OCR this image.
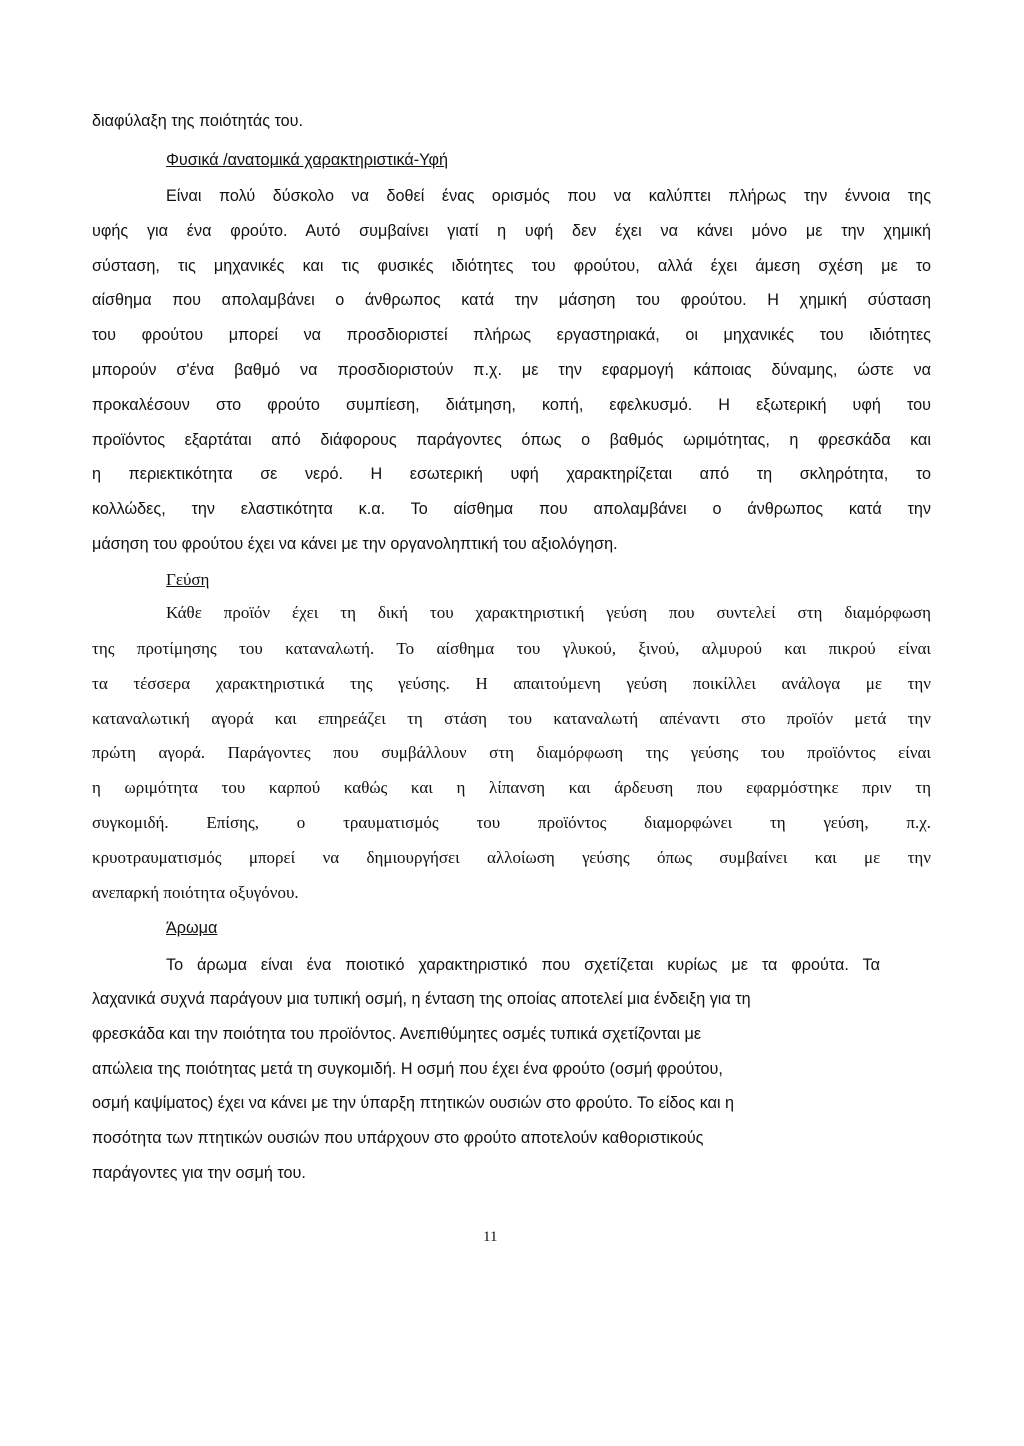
διαφύλαξη της ποιότητάς του.
Φυσικά /ανατομικά χαρακτηριστικά-Υφή
Είναι πολύ δύσκολο να δοθεί ένας ορισμός που να καλύπτει πλήρως την έννοια της
υφής για ένα φρούτο. Αυτό συμβαίνει γιατί η υφή δεν έχει να κάνει μόνο με την χημική
σύσταση, τις μηχανικές και τις φυσικές ιδιότητες του φρούτου, αλλά έχει άμεση σχέση με το
αίσθημα που απολαμβάνει ο άνθρωπος κατά την μάσηση του φρούτου. Η χημική σύσταση
του φρούτου μπορεί να προσδιοριστεί πλήρως εργαστηριακά, οι μηχανικές του ιδιότητες
μπορούν σ'ένα βαθμό να προσδιοριστούν π.χ. με την εφαρμογή κάποιας δύναμης, ώστε να
προκαλέσουν στο φρούτο συμπίεση, διάτμηση, κοπή, εφελκυσμό. Η εξωτερική υφή του
προϊόντος εξαρτάται από διάφορους παράγοντες όπως ο βαθμός ωριμότητας, η φρεσκάδα και
η περιεκτικότητα σε νερό. Η εσωτερική υφή χαρακτηρίζεται από τη σκληρότητα, το
κολλώδες, την ελαστικότητα κ.α. Το αίσθημα που απολαμβάνει ο άνθρωπος κατά την
μάσηση του φρούτου έχει να κάνει με την οργανοληπτική του αξιολόγηση.
Γεύση
Κάθε προϊόν έχει τη δική του χαρακτηριστική γεύση που συντελεί στη διαμόρφωση
της προτίμησης του καταναλωτή. Το αίσθημα του γλυκού, ξινού, αλμυρού και πικρού είναι
τα τέσσερα χαρακτηριστικά της γεύσης. Η απαιτούμενη γεύση ποικίλλει ανάλογα με την
καταναλωτική αγορά και επηρεάζει τη στάση του καταναλωτή απέναντι στο προϊόν μετά την
πρώτη αγορά. Παράγοντες που συμβάλλουν στη διαμόρφωση της γεύσης του προϊόντος είναι
η ωριμότητα του καρπού καθώς και η λίπανση και άρδευση που εφαρμόστηκε πριν τη
συγκομιδή. Επίσης, ο τραυματισμός του προϊόντος διαμορφώνει τη γεύση, π.χ.
κρυοτραυματισμός μπορεί να δημιουργήσει αλλοίωση γεύσης όπως συμβαίνει και με την
ανεπαρκή ποιότητα οξυγόνου.
Άρωμα
Το άρωμα είναι ένα ποιοτικό χαρακτηριστικό που σχετίζεται κυρίως με τα φρούτα. Τα
λαχανικά συχνά παράγουν μια τυπική οσμή, η ένταση της οποίας αποτελεί μια ένδειξη για τη
φρεσκάδα και την ποιότητα του προϊόντος. Ανεπιθύμητες οσμές τυπικά σχετίζονται με
απώλεια της ποιότητας μετά τη συγκομιδή. Η οσμή που έχει ένα φρούτο (οσμή φρούτου,
οσμή καψίματος) έχει να κάνει με την ύπαρξη πτητικών ουσιών στο φρούτο. Το είδος και η
ποσότητα των πτητικών ουσιών που υπάρχουν στο φρούτο αποτελούν καθοριστικούς
παράγοντες για την οσμή του.
11
